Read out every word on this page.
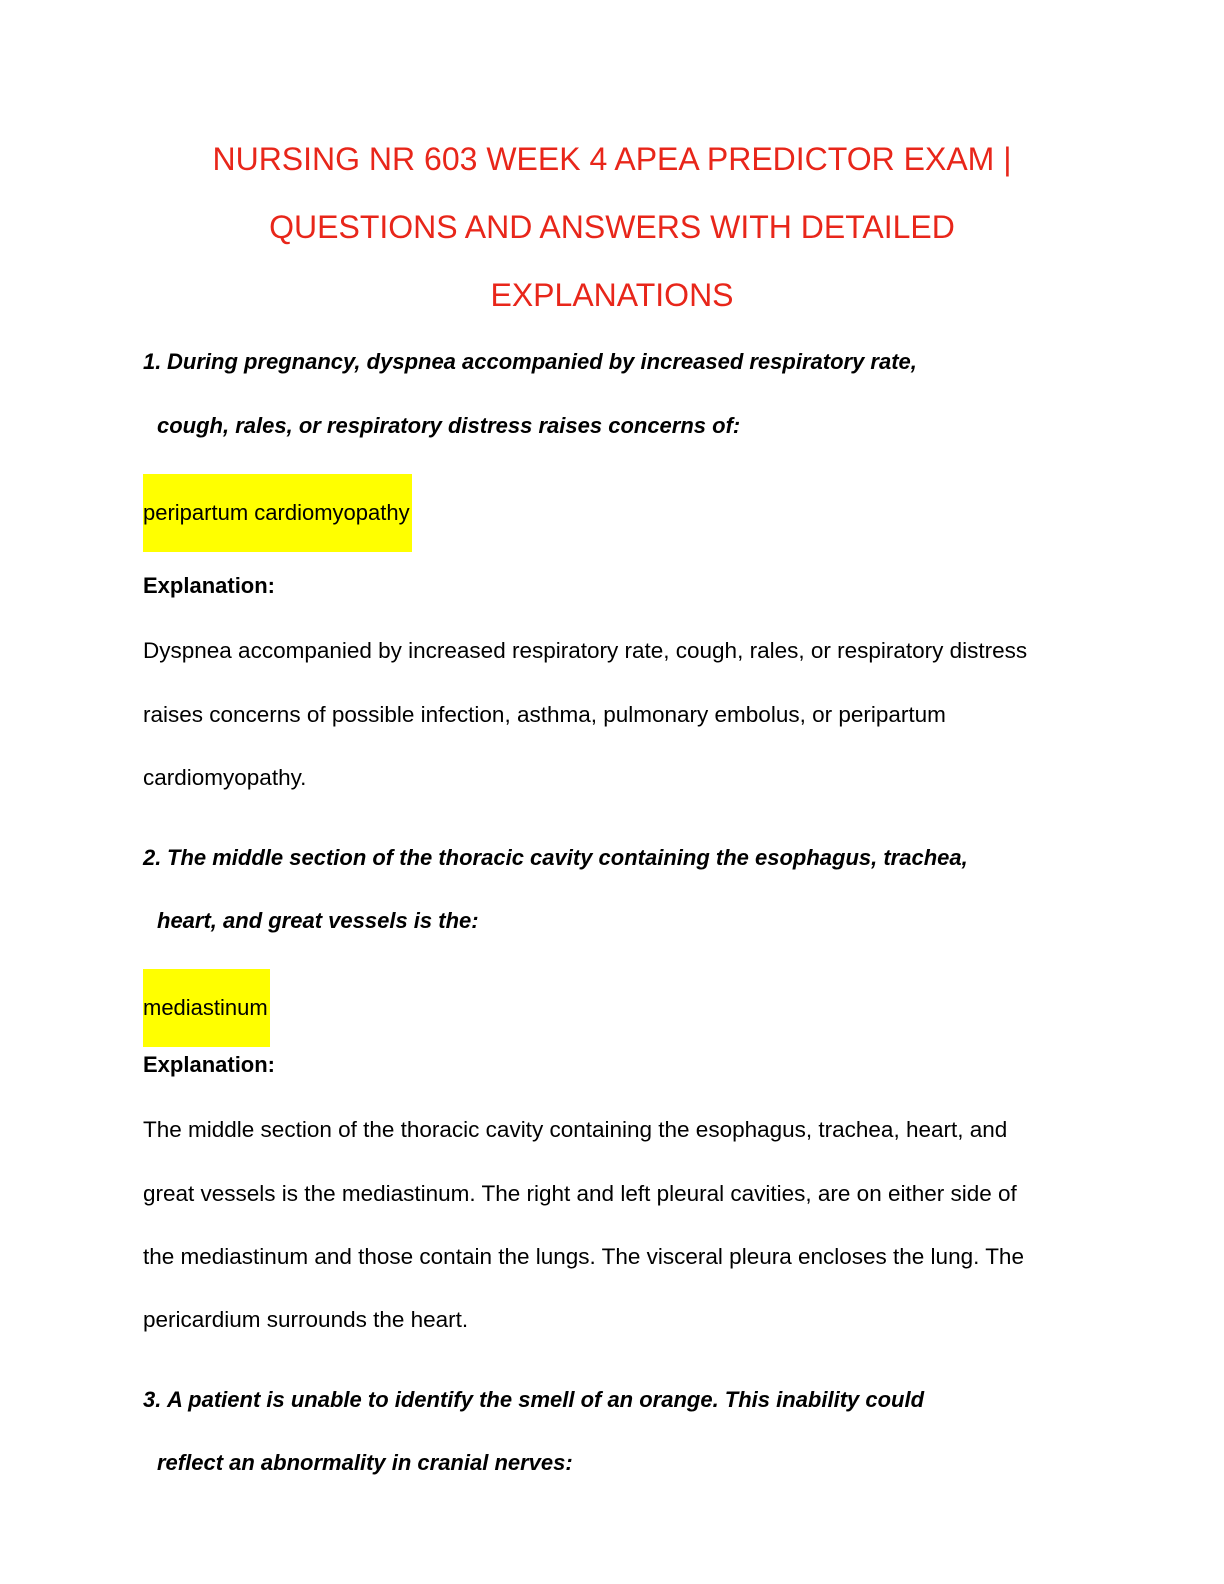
NURSING NR 603 WEEK 4 APEA PREDICTOR EXAM |
QUESTIONS AND ANSWERS WITH DETAILED
EXPLANATIONS
1. During pregnancy, dyspnea accompanied by increased respiratory rate,
cough, rales, or respiratory distress raises concerns of:
peripartum cardiomyopathy
Explanation:
Dyspnea accompanied by increased respiratory rate, cough, rales, or respiratory distress
raises concerns of possible infection, asthma, pulmonary embolus, or peripartum
cardiomyopathy.
2. The middle section of the thoracic cavity containing the esophagus, trachea,
heart, and great vessels is the:
mediastinum
Explanation:
The middle section of the thoracic cavity containing the esophagus, trachea, heart, and
great vessels is the mediastinum. The right and left pleural cavities, are on either side of
the mediastinum and those contain the lungs. The visceral pleura encloses the lung. The
pericardium surrounds the heart.
3. A patient is unable to identify the smell of an orange. This inability could
reflect an abnormality in cranial nerves:
